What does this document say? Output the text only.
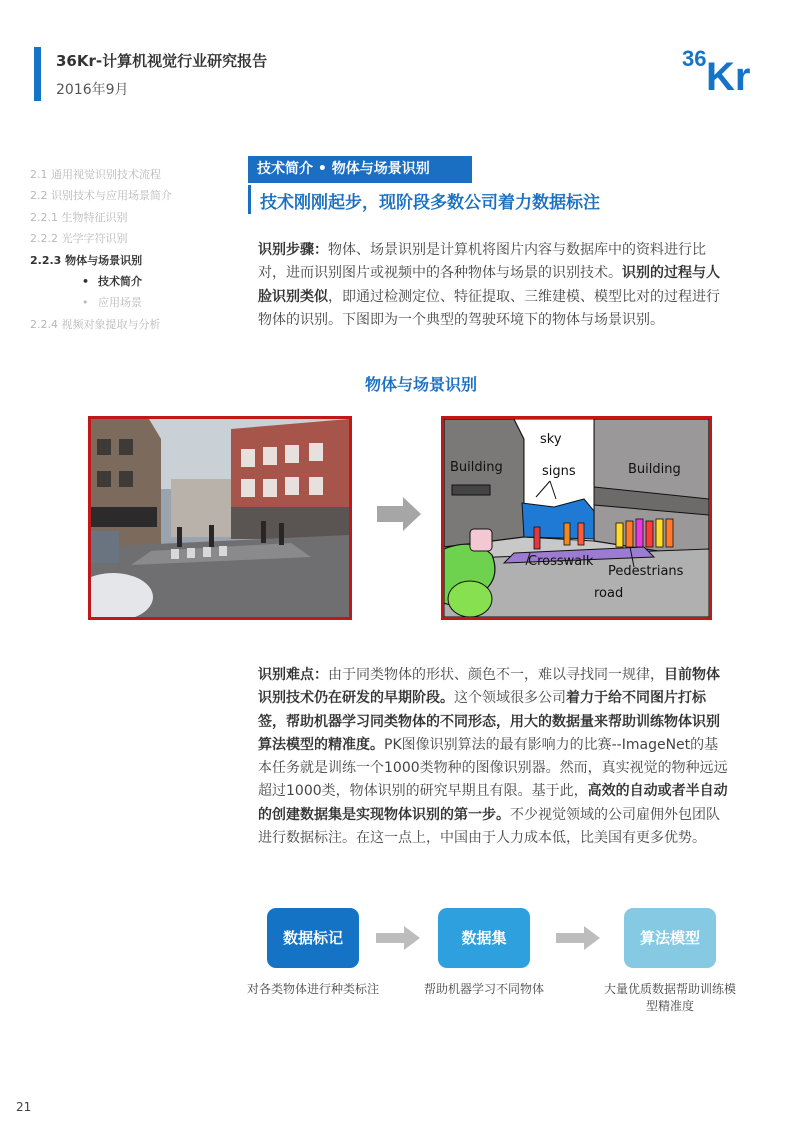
36Kr-计算机视觉行业研究报告
2016年9月
36 Kr
2.1 通用视觉识别技术流程
2.2 识别技术与应用场景简介
2.2.1 生物特征识别
2.2.2 光学字符识别
2.2.3 物体与场景识别
• 技术简介
• 应用场景
2.2.4 视频对象提取与分析
技术简介 • 物体与场景识别
技术刚刚起步，现阶段多数公司着力数据标注

识别步骤：物体、场景识别是计算机将图片内容与数据库中的资料进行比对，进而识别图片或视频中的各种物体与场景的识别技术。识别的过程与人脸识别类似，即通过检测定位、特征提取、三维建模、模型比对的过程进行物体的识别。下图即为一个典型的驾驶环境下的物体与场景识别。

物体与场景识别
sky
signs
Building	Building
Crosswalk
Pedestrians
road

识别难点：由于同类物体的形状、颜色不一，难以寻找同一规律，目前物体识别技术仍在研发的早期阶段。这个领域很多公司着力于给不同图片打标签，帮助机器学习同类物体的不同形态，用大的数据量来帮助训练物体识别算法模型的精准度。PK图像识别算法的最有影响力的比赛--ImageNet的基本任务就是训练一个1000类物种的图像识别器。然而，真实视觉的物种远远超过1000类，物体识别的研究早期且有限。基于此，高效的自动或者半自动的创建数据集是实现物体识别的第一步。不少视觉领域的公司雇佣外包团队进行数据标注。在这一点上，中国由于人力成本低，比美国有更多优势。

数据标记	数据集	算法模型
对各类物体进行种类标注	帮助机器学习不同物体	大量优质数据帮助训练模型精准度
21
